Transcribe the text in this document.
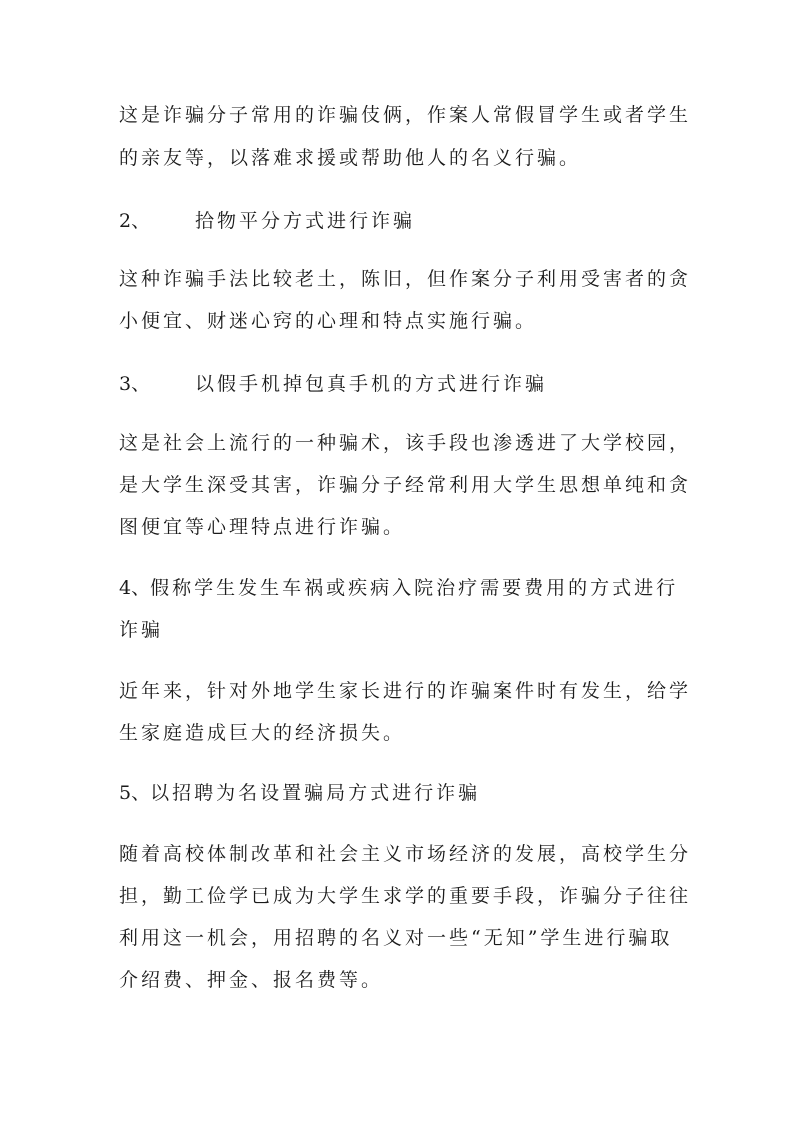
这是诈骗分子常用的诈骗伎俩，作案人常假冒学生或者学生
的亲友等，以落难求援或帮助他人的名义行骗。
2、 拾物平分方式进行诈骗
这种诈骗手法比较老土，陈旧，但作案分子利用受害者的贪
小便宜、财迷心窍的心理和特点实施行骗。
3、 以假手机掉包真手机的方式进行诈骗
这是社会上流行的一种骗术，该手段也渗透进了大学校园，
是大学生深受其害，诈骗分子经常利用大学生思想单纯和贪
图便宜等心理特点进行诈骗。
4、假称学生发生车祸或疾病入院治疗需要费用的方式进行
诈骗
近年来，针对外地学生家长进行的诈骗案件时有发生，给学
生家庭造成巨大的经济损失。
5、以招聘为名设置骗局方式进行诈骗
随着高校体制改革和社会主义市场经济的发展，高校学生分
担，勤工俭学已成为大学生求学的重要手段，诈骗分子往往
利用这一机会，用招聘的名义对一些“无知”学生进行骗取
介绍费、押金、报名费等。
